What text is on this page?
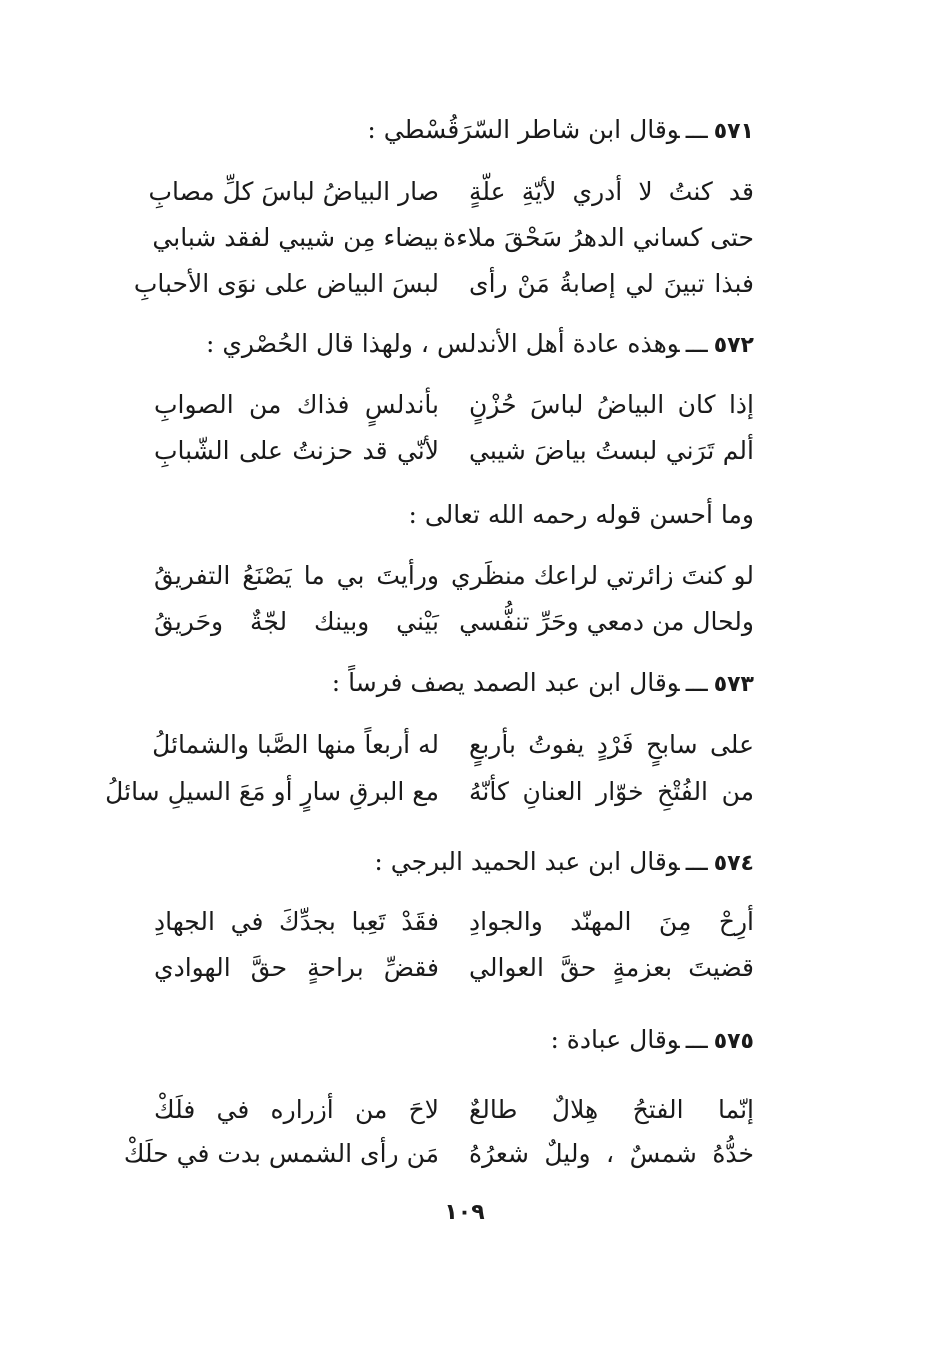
٥٧١ـــوقال ابن شاطر السّرَقُسْطي :
قد كنتُ لا أدري لأيّةِ علّةٍ
صار البياضُ لباسَ كلِّ مصابِ
حتى كساني الدهرُ سَحْقَ ملاءة
بيضاء مِن شيبي لفقد شبابي
فبذا تبينَ لي إصابةُ مَنْ رأى
لبسَ البياض على نوَى الأحبابِ
٥٧٢ـــوهذه عادة أهل الأندلس ، ولهذا قال الحُصْري :
إذا كان البياضُ لباسَ حُزْنٍ
بأندلسٍ فذاك من الصوابِ
ألم تَرَني لبستُ بياضَ شيبي
لأنّي قد حزنتُ على الشّبابِ
وما أحسن قوله رحمه الله تعالى :
لو كنتَ زائرتي لراعك منظَري
ورأيتَ بي ما يَصْنَعُ التفريقُ
ولحال من دمعي وحَرِّ تنفُّسي
بَيْني وبينك لجّةٌ وحَريقُ
٥٧٣ـــوقال ابن عبد الصمد يصف فرساً :
على سابحٍ فَرْدٍ يفوتُ بأربعٍ
له أربعاً منها الصَّبا والشمائلُ
من الفُتْخِ خوّار العنانِ كأنّهُ
مع البرقِ سارٍ أو مَعَ السيلِ سائلُ
٥٧٤ـــوقال ابن عبد الحميد البرجي :
أرِحْ مِنَ المهنّد والجوادِ
فقَدْ تَعِبا بجدِّكَ في الجهادِ
قضيتَ بعزمةٍ حقَّ العوالي
فقضِّ براحةٍ حقَّ الهوادي
٥٧٥ـــوقال عبادة :
إنّما الفتحُ هِلالٌ طالعٌ
لاحَ من أزراره في فلَكْ
خدُّهُ شمسٌ ، وليلٌ شعرُهُ
مَن رأى الشمس بدت في حلَكْ
١٠٩
